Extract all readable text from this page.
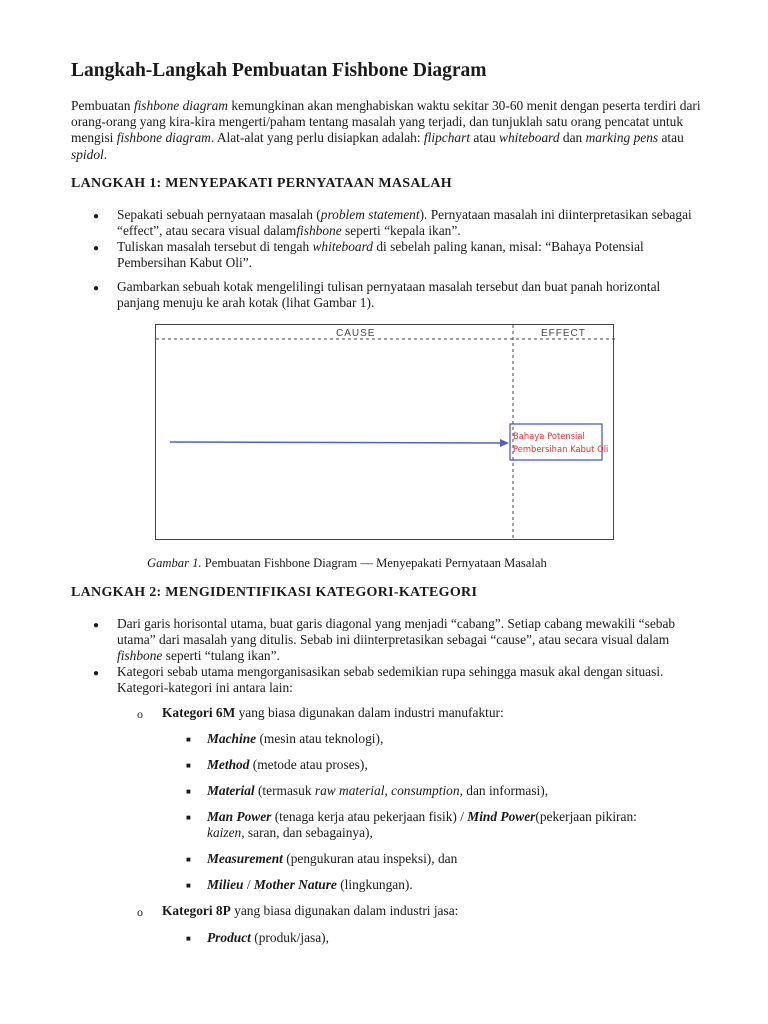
Langkah-Langkah Pembuatan Fishbone Diagram
Pembuatan fishbone diagram kemungkinan akan menghabiskan waktu sekitar 30-60 menit dengan peserta terdiri dari orang-orang yang kira-kira mengerti/paham tentang masalah yang terjadi, dan tunjuklah satu orang pencatat untuk mengisi fishbone diagram. Alat-alat yang perlu disiapkan adalah: flipchart atau whiteboard dan marking pens atau spidol.
LANGKAH 1: MENYEPAKATI PERNYATAAN MASALAH
● Sepakati sebuah pernyataan masalah (problem statement). Pernyataan masalah ini diinterpretasikan sebagai “effect”, atau secara visual dalamfishbone seperti “kepala ikan”.
● Tuliskan masalah tersebut di tengah whiteboard di sebelah paling kanan, misal: “Bahaya Potensial Pembersihan Kabut Oli”.
● Gambarkan sebuah kotak mengelilingi tulisan pernyataan masalah tersebut dan buat panah horizontal panjang menuju ke arah kotak (lihat Gambar 1).
CAUSE	EFFECT
Bahaya Potensial
Pembersihan Kabut Oli
Gambar 1. Pembuatan Fishbone Diagram — Menyepakati Pernyataan Masalah
LANGKAH 2: MENGIDENTIFIKASI KATEGORI-KATEGORI
● Dari garis horisontal utama, buat garis diagonal yang menjadi “cabang”. Setiap cabang mewakili “sebab utama” dari masalah yang ditulis. Sebab ini diinterpretasikan sebagai “cause”, atau secara visual dalam fishbone seperti “tulang ikan”.
● Kategori sebab utama mengorganisasikan sebab sedemikian rupa sehingga masuk akal dengan situasi. Kategori-kategori ini antara lain:
o Kategori 6M yang biasa digunakan dalam industri manufaktur:
■ Machine (mesin atau teknologi),
■ Method (metode atau proses),
■ Material (termasuk raw material, consumption, dan informasi),
■ Man Power (tenaga kerja atau pekerjaan fisik) / Mind Power(pekerjaan pikiran: kaizen, saran, dan sebagainya),
■ Measurement (pengukuran atau inspeksi), dan
■ Milieu / Mother Nature (lingkungan).
o Kategori 8P yang biasa digunakan dalam industri jasa:
■ Product (produk/jasa),
